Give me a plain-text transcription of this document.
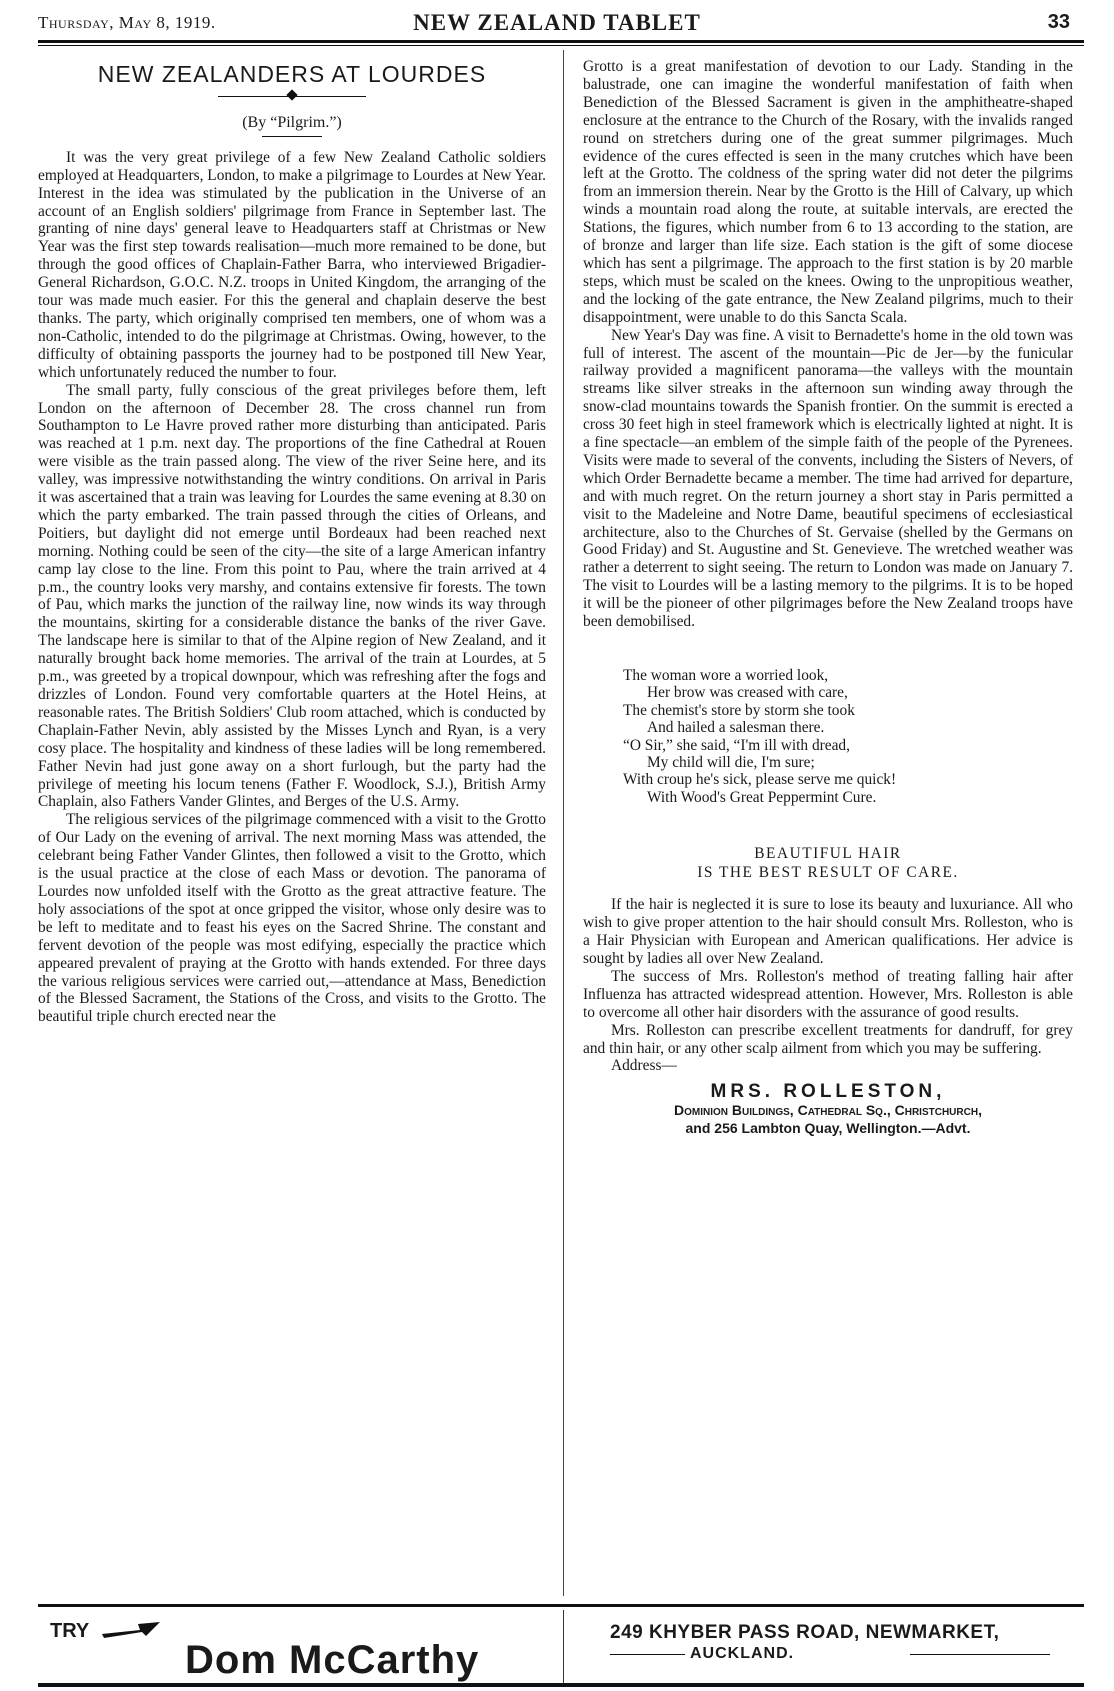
Thursday, May 8, 1919.	NEW ZEALAND TABLET	33
NEW ZEALANDERS AT LOURDES
(By “Pilgrim.”)

It was the very great privilege of a few New Zealand Catholic soldiers employed at Headquarters, London, to make a pilgrimage to Lourdes at New Year. Interest in the idea was stimulated by the publication in the Universe of an account of an English soldiers' pilgrimage from France in September last. The granting of nine days' general leave to Headquarters staff at Christmas or New Year was the first step towards realisation—much more remained to be done, but through the good offices of Chaplain-Father Barra, who interviewed Brigadier-General Richardson, G.O.C. N.Z. troops in United Kingdom, the arranging of the tour was made much easier. For this the general and chaplain deserve the best thanks. The party, which originally comprised ten members, one of whom was a non-Catholic, intended to do the pilgrimage at Christmas. Owing, however, to the difficulty of obtaining passports the journey had to be postponed till New Year, which unfortunately reduced the number to four.

The small party, fully conscious of the great privileges before them, left London on the afternoon of December 28. The cross channel run from Southampton to Le Havre proved rather more disturbing than anticipated. Paris was reached at 1 p.m. next day. The proportions of the fine Cathedral at Rouen were visible as the train passed along. The view of the river Seine here, and its valley, was impressive notwithstanding the wintry conditions. On arrival in Paris it was ascertained that a train was leaving for Lourdes the same evening at 8.30 on which the party embarked. The train passed through the cities of Orleans, and Poitiers, but daylight did not emerge until Bordeaux had been reached next morning. Nothing could be seen of the city—the site of a large American infantry camp lay close to the line. From this point to Pau, where the train arrived at 4 p.m., the country looks very marshy, and contains extensive fir forests. The town of Pau, which marks the junction of the railway line, now winds its way through the mountains, skirting for a considerable distance the banks of the river Gave. The landscape here is similar to that of the Alpine region of New Zealand, and it naturally brought back home memories. The arrival of the train at Lourdes, at 5 p.m., was greeted by a tropical downpour, which was refreshing after the fogs and drizzles of London. Found very comfortable quarters at the Hotel Heins, at reasonable rates. The British Soldiers' Club room attached, which is conducted by Chaplain-Father Nevin, ably assisted by the Misses Lynch and Ryan, is a very cosy place. The hospitality and kindness of these ladies will be long remembered. Father Nevin had just gone away on a short furlough, but the party had the privilege of meeting his locum tenens (Father F. Woodlock, S.J.), British Army Chaplain, also Fathers Vander Glintes, and Berges of the U.S. Army.

The religious services of the pilgrimage commenced with a visit to the Grotto of Our Lady on the evening of arrival. The next morning Mass was attended, the celebrant being Father Vander Glintes, then followed a visit to the Grotto, which is the usual practice at the close of each Mass or devotion. The panorama of Lourdes now unfolded itself with the Grotto as the great attractive feature. The holy associations of the spot at once gripped the visitor, whose only desire was to be left to meditate and to feast his eyes on the Sacred Shrine. The constant and fervent devotion of the people was most edifying, especially the practice which appeared prevalent of praying at the Grotto with hands extended. For three days the various religious services were carried out,—attendance at Mass, Benediction of the Blessed Sacrament, the Stations of the Cross, and visits to the Grotto. The beautiful triple church erected near the

Grotto is a great manifestation of devotion to our Lady. Standing in the balustrade, one can imagine the wonderful manifestation of faith when Benediction of the Blessed Sacrament is given in the amphitheatre-shaped enclosure at the entrance to the Church of the Rosary, with the invalids ranged round on stretchers during one of the great summer pilgrimages. Much evidence of the cures effected is seen in the many crutches which have been left at the Grotto. The coldness of the spring water did not deter the pilgrims from an immersion therein. Near by the Grotto is the Hill of Calvary, up which winds a mountain road along the route, at suitable intervals, are erected the Stations, the figures, which number from 6 to 13 according to the station, are of bronze and larger than life size. Each station is the gift of some diocese which has sent a pilgrimage. The approach to the first station is by 20 marble steps, which must be scaled on the knees. Owing to the unpropitious weather, and the locking of the gate entrance, the New Zealand pilgrims, much to their disappointment, were unable to do this Sancta Scala.

New Year's Day was fine. A visit to Bernadette's home in the old town was full of interest. The ascent of the mountain—Pic de Jer—by the funicular railway provided a magnificent panorama—the valleys with the mountain streams like silver streaks in the afternoon sun winding away through the snow-clad mountains towards the Spanish frontier. On the summit is erected a cross 30 feet high in steel framework which is electrically lighted at night. It is a fine spectacle—an emblem of the simple faith of the people of the Pyrenees. Visits were made to several of the convents, including the Sisters of Nevers, of which Order Bernadette became a member. The time had arrived for departure, and with much regret. On the return journey a short stay in Paris permitted a visit to the Madeleine and Notre Dame, beautiful specimens of ecclesiastical architecture, also to the Churches of St. Gervaise (shelled by the Germans on Good Friday) and St. Augustine and St. Genevieve. The wretched weather was rather a deterrent to sight seeing. The return to London was made on January 7. The visit to Lourdes will be a lasting memory to the pilgrims. It is to be hoped it will be the pioneer of other pilgrimages before the New Zealand troops have been demobilised.

The woman wore a worried look,
Her brow was creased with care,
The chemist's store by storm she took
And hailed a salesman there.
“O Sir,” she said, “I'm ill with dread,
My child will die, I'm sure;
With croup he's sick, please serve me quick!
With Wood's Great Peppermint Cure.
BEAUTIFUL HAIR
IS THE BEST RESULT OF CARE.

If the hair is neglected it is sure to lose its beauty and luxuriance. All who wish to give proper attention to the hair should consult Mrs. Rolleston, who is a Hair Physician with European and American qualifications. Her advice is sought by ladies all over New Zealand.

The success of Mrs. Rolleston's method of treating falling hair after Influenza has attracted widespread attention. However, Mrs. Rolleston is able to overcome all other hair disorders with the assurance of good results.

Mrs. Rolleston can prescribe excellent treatments for dandruff, for grey and thin hair, or any other scalp ailment from which you may be suffering.

Address—

MRS. ROLLESTON,
Dominion Buildings, Cathedral Sq., Christchurch,
and 256 Lambton Quay, Wellington.—Advt.
TRY
Dom McCarthy
249 KHYBER PASS ROAD, NEWMARKET,
AUCKLAND.
